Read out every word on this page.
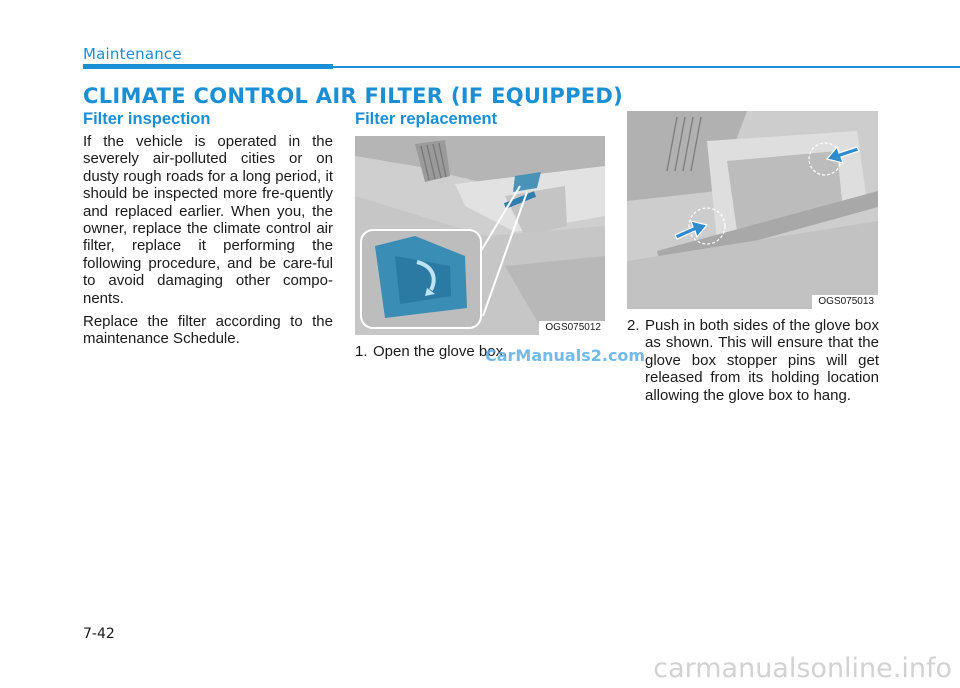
Maintenance
CLIMATE CONTROL AIR FILTER (IF EQUIPPED)
Filter inspection

If the vehicle is operated in the severely air-polluted cities or on dusty rough roads for a long period, it should be inspected more fre-quently and replaced earlier. When you, the owner, replace the climate control air filter, replace it performing the following procedure, and be care-ful to avoid damaging other compo-nents.

Replace the filter according to the maintenance Schedule.

Filter replacement
OGS075012
1. Open the glove box.
OGS075013
2. Push in both sides of the glove box as shown. This will ensure that the glove box stopper pins will get released from its holding location allowing the glove box to hang.
CarManuals2.com
7-42
carmanualsonline.info
